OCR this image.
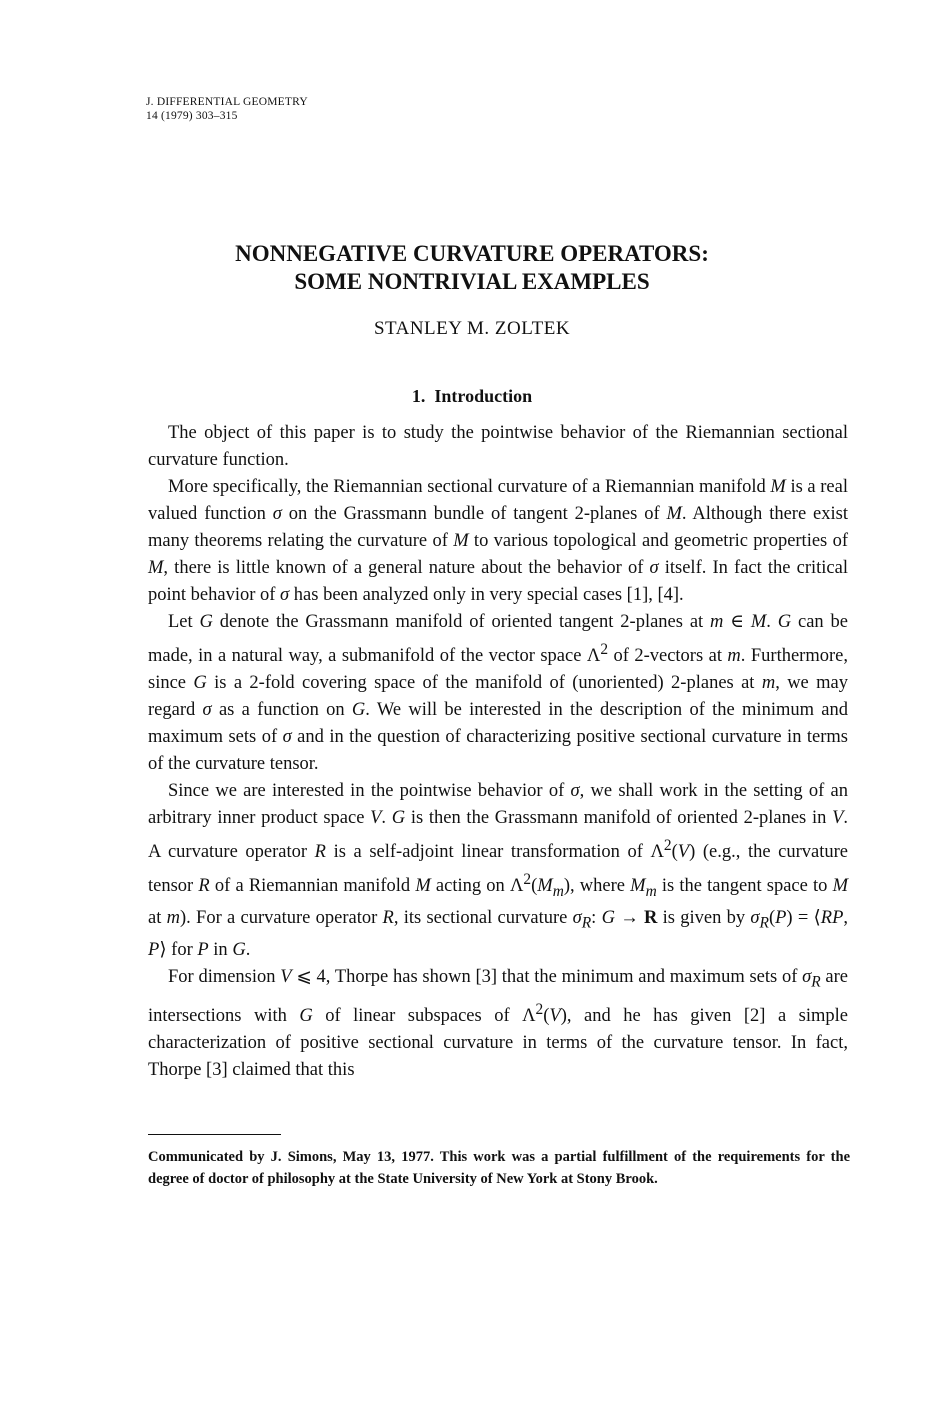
J. DIFFERENTIAL GEOMETRY
14 (1979) 303–315
NONNEGATIVE CURVATURE OPERATORS:
SOME NONTRIVIAL EXAMPLES
STANLEY M. ZOLTEK
1. Introduction

The object of this paper is to study the pointwise behavior of the Riemannian sectional curvature function.

More specifically, the Riemannian sectional curvature of a Riemannian manifold M is a real valued function σ on the Grassmann bundle of tangent 2-planes of M. Although there exist many theorems relating the curvature of M to various topological and geometric properties of M, there is little known of a general nature about the behavior of σ itself. In fact the critical point behavior of σ has been analyzed only in very special cases [1], [4].

Let G denote the Grassmann manifold of oriented tangent 2-planes at m ∈ M. G can be made, in a natural way, a submanifold of the vector space $\Lambda^2$ of 2-vectors at m. Furthermore, since G is a 2-fold covering space of the manifold of (unoriented) 2-planes at m, we may regard σ as a function on G. We will be interested in the description of the minimum and maximum sets of σ and in the question of characterizing positive sectional curvature in terms of the curvature tensor.

Since we are interested in the pointwise behavior of σ, we shall work in the setting of an arbitrary inner product space V. G is then the Grassmann manifold of oriented 2-planes in V. A curvature operator R is a self-adjoint linear transformation of $\Lambda^2(V)$ (e.g., the curvature tensor R of a Riemannian manifold M acting on $\Lambda^2(M_m)$, where $M_m$ is the tangent space to M at m). For a curvature operator R, its sectional curvature $\sigma_R$: G → R is given by $\sigma_R(P)$ = ⟨RP, P⟩ for P in G.

For dimension V ⩽ 4, Thorpe has shown [3] that the minimum and maximum sets of $\sigma_R$ are intersections with G of linear subspaces of $\Lambda^2(V)$, and he has given [2] a simple characterization of positive sectional curvature in terms of the curvature tensor. In fact, Thorpe [3] claimed that this

Communicated by J. Simons, May 13, 1977. This work was a partial fulfillment of the requirements for the degree of doctor of philosophy at the State University of New York at Stony Brook.
